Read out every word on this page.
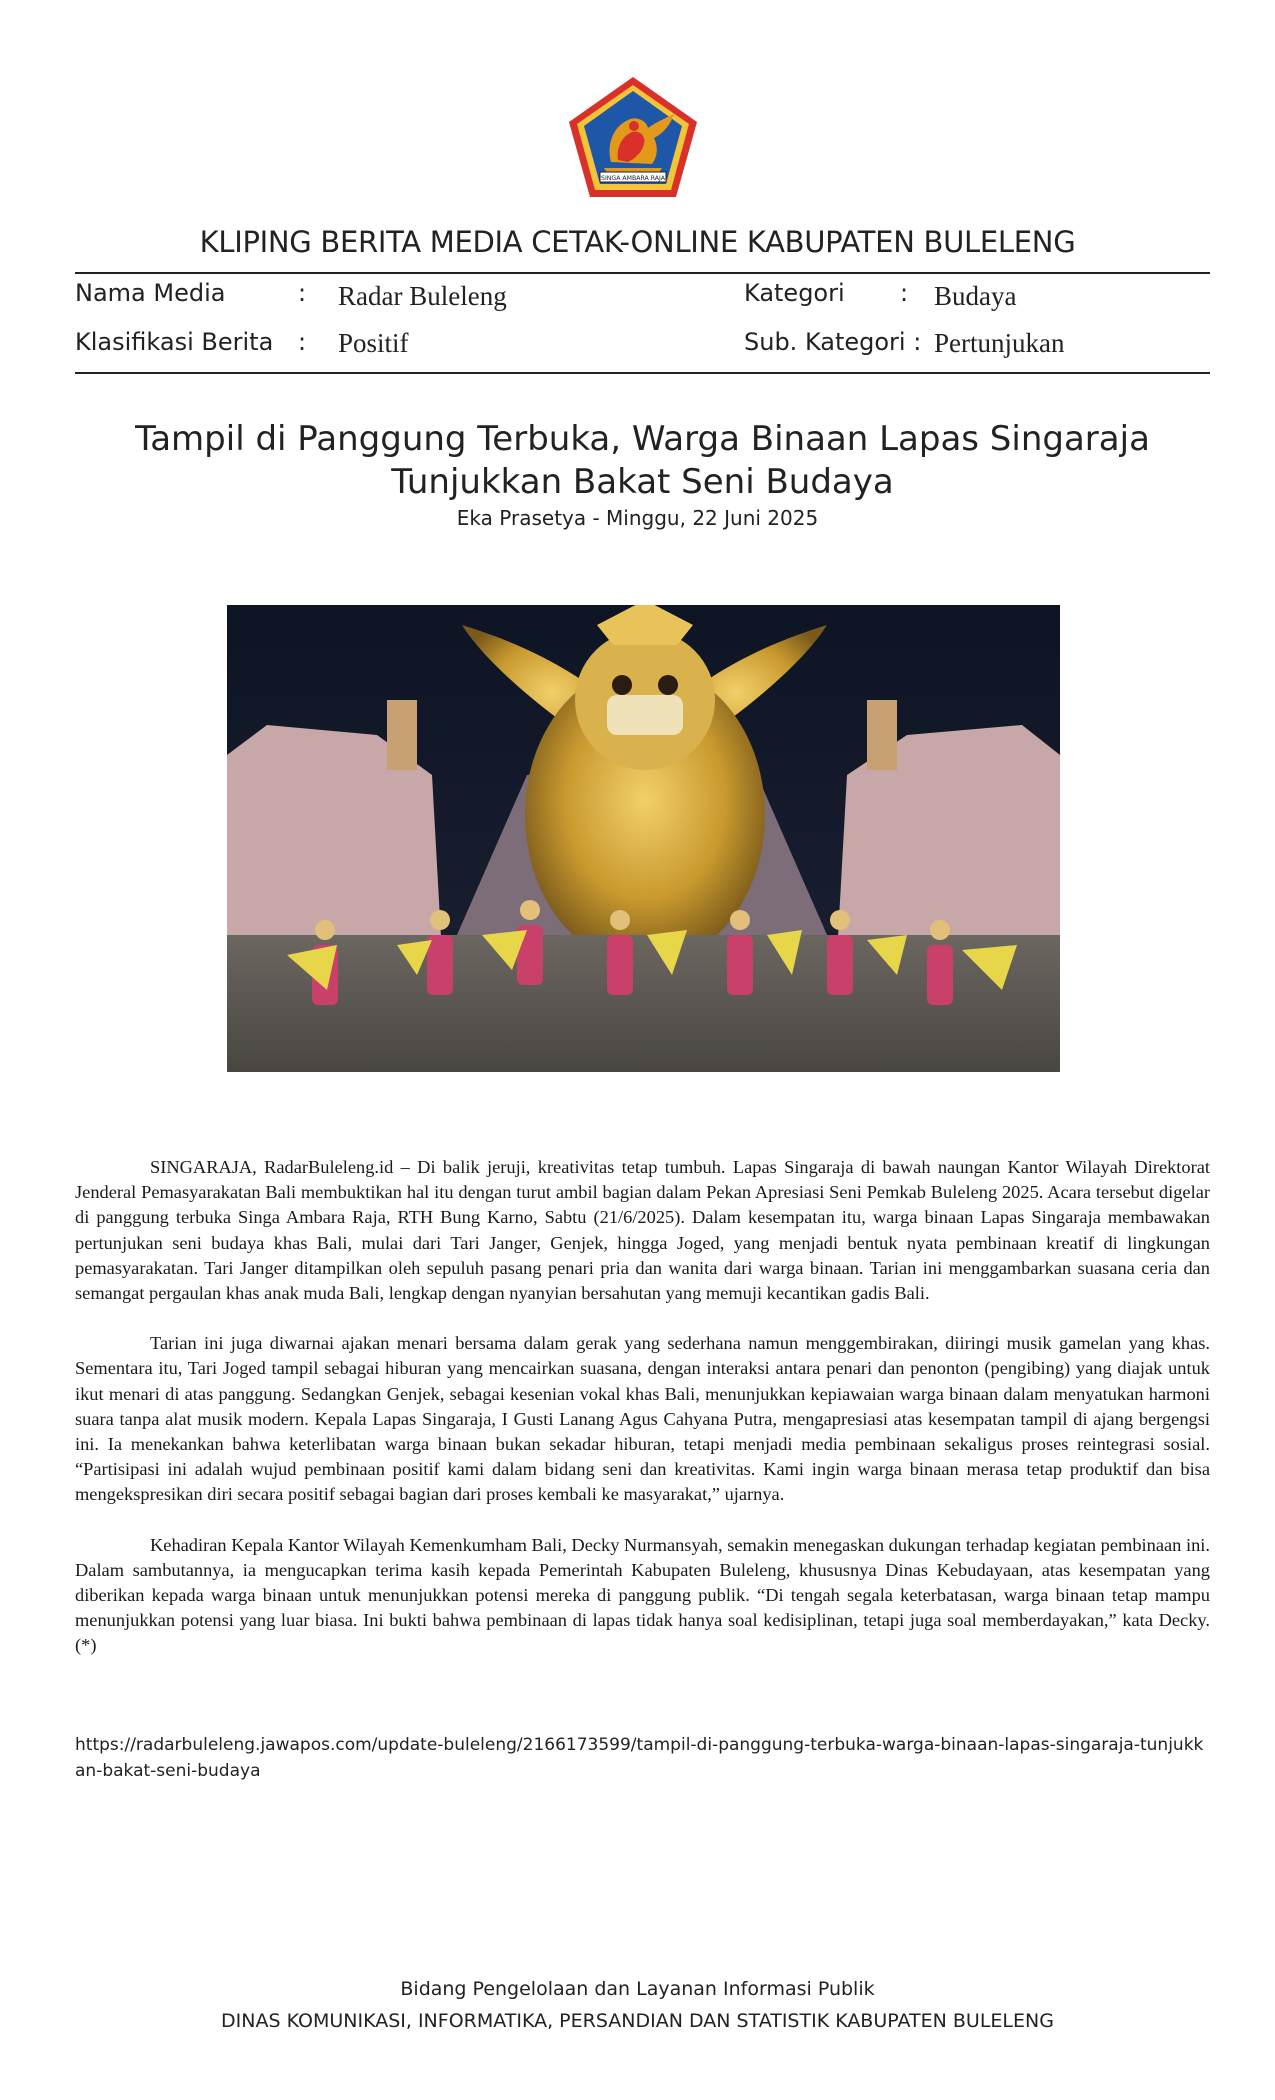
SINGA AMBARA RAJA
KLIPING BERITA MEDIA CETAK-ONLINE KABUPATEN BULELENG
Nama Media	: Radar Buleleng	Kategori : Budaya
Klasifikasi Berita : Positif	Sub. Kategori : Pertunjukan
Tampil di Panggung Terbuka, Warga Binaan Lapas Singaraja Tunjukkan Bakat Seni Budaya
Eka Prasetya - Minggu, 22 Juni 2025

SINGARAJA, RadarBuleleng.id – Di balik jeruji, kreativitas tetap tumbuh. Lapas Singaraja di bawah naungan Kantor Wilayah Direktorat Jenderal Pemasyarakatan Bali membuktikan hal itu dengan turut ambil bagian dalam Pekan Apresiasi Seni Pemkab Buleleng 2025. Acara tersebut digelar di panggung terbuka Singa Ambara Raja, RTH Bung Karno, Sabtu (21/6/2025). Dalam kesempatan itu, warga binaan Lapas Singaraja membawakan pertunjukan seni budaya khas Bali, mulai dari Tari Janger, Genjek, hingga Joged, yang menjadi bentuk nyata pembinaan kreatif di lingkungan pemasyarakatan. Tari Janger ditampilkan oleh sepuluh pasang penari pria dan wanita dari warga binaan. Tarian ini menggambarkan suasana ceria dan semangat pergaulan khas anak muda Bali, lengkap dengan nyanyian bersahutan yang memuji kecantikan gadis Bali.

Tarian ini juga diwarnai ajakan menari bersama dalam gerak yang sederhana namun menggembirakan, diiringi musik gamelan yang khas. Sementara itu, Tari Joged tampil sebagai hiburan yang mencairkan suasana, dengan interaksi antara penari dan penonton (pengibing) yang diajak untuk ikut menari di atas panggung. Sedangkan Genjek, sebagai kesenian vokal khas Bali, menunjukkan kepiawaian warga binaan dalam menyatukan harmoni suara tanpa alat musik modern. Kepala Lapas Singaraja, I Gusti Lanang Agus Cahyana Putra, mengapresiasi atas kesempatan tampil di ajang bergengsi ini. Ia menekankan bahwa keterlibatan warga binaan bukan sekadar hiburan, tetapi menjadi media pembinaan sekaligus proses reintegrasi sosial. “Partisipasi ini adalah wujud pembinaan positif kami dalam bidang seni dan kreativitas. Kami ingin warga binaan merasa tetap produktif dan bisa mengekspresikan diri secara positif sebagai bagian dari proses kembali ke masyarakat,” ujarnya.

Kehadiran Kepala Kantor Wilayah Kemenkumham Bali, Decky Nurmansyah, semakin menegaskan dukungan terhadap kegiatan pembinaan ini. Dalam sambutannya, ia mengucapkan terima kasih kepada Pemerintah Kabupaten Buleleng, khususnya Dinas Kebudayaan, atas kesempatan yang diberikan kepada warga binaan untuk menunjukkan potensi mereka di panggung publik. “Di tengah segala keterbatasan, warga binaan tetap mampu menunjukkan potensi yang luar biasa. Ini bukti bahwa pembinaan di lapas tidak hanya soal kedisiplinan, tetapi juga soal memberdayakan,” kata Decky. (*)

https://radarbuleleng.jawapos.com/update-buleleng/2166173599/tampil-di-panggung-terbuka-warga-binaan-lapas-singaraja-tunjukkan-bakat-seni-budaya
Bidang Pengelolaan dan Layanan Informasi Publik
DINAS KOMUNIKASI, INFORMATIKA, PERSANDIAN DAN STATISTIK KABUPATEN BULELENG
